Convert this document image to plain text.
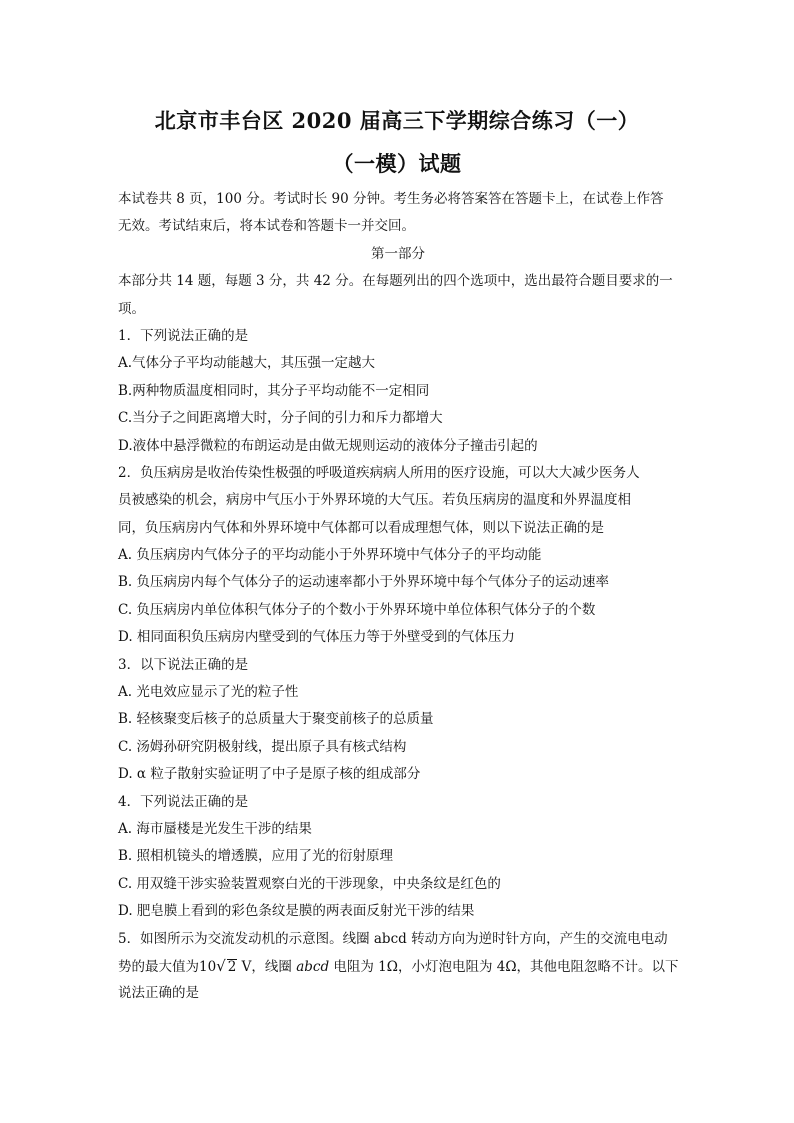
北京市丰台区 2020 届高三下学期综合练习（一）
（一模）试题
本试卷共 8 页，100 分。考试时长 90 分钟。考生务必将答案答在答题卡上，在试卷上作答
无效。考试结束后，将本试卷和答题卡一并交回。
第一部分
本部分共 14 题，每题 3 分，共 42 分。在每题列出的四个选项中，选出最符合题目要求的一
项。
1．下列说法正确的是
A.气体分子平均动能越大，其压强一定越大
B.两种物质温度相同时，其分子平均动能不一定相同
C.当分子之间距离增大时，分子间的引力和斥力都增大
D.液体中悬浮微粒的布朗运动是由做无规则运动的液体分子撞击引起的
2．负压病房是收治传染性极强的呼吸道疾病病人所用的医疗设施，可以大大减少医务人
员被感染的机会，病房中气压小于外界环境的大气压。若负压病房的温度和外界温度相
同，负压病房内气体和外界环境中气体都可以看成理想气体，则以下说法正确的是
A. 负压病房内气体分子的平均动能小于外界环境中气体分子的平均动能
B. 负压病房内每个气体分子的运动速率都小于外界环境中每个气体分子的运动速率
C. 负压病房内单位体积气体分子的个数小于外界环境中单位体积气体分子的个数
D. 相同面积负压病房内壁受到的气体压力等于外壁受到的气体压力
3．以下说法正确的是
A. 光电效应显示了光的粒子性
B. 轻核聚变后核子的总质量大于聚变前核子的总质量
C. 汤姆孙研究阴极射线，提出原子具有核式结构
D. α 粒子散射实验证明了中子是原子核的组成部分
4．下列说法正确的是
A. 海市蜃楼是光发生干涉的结果
B. 照相机镜头的增透膜，应用了光的衍射原理
C. 用双缝干涉实验装置观察白光的干涉现象，中央条纹是红色的
D. 肥皂膜上看到的彩色条纹是膜的两表面反射光干涉的结果
5．如图所示为交流发动机的示意图。线圈 abcd 转动方向为逆时针方向，产生的交流电电动
势的最大值为10√ 2 V，线圈 abcd 电阻为 1Ω，小灯泡电阻为 4Ω，其他电阻忽略不计。以下
说法正确的是
